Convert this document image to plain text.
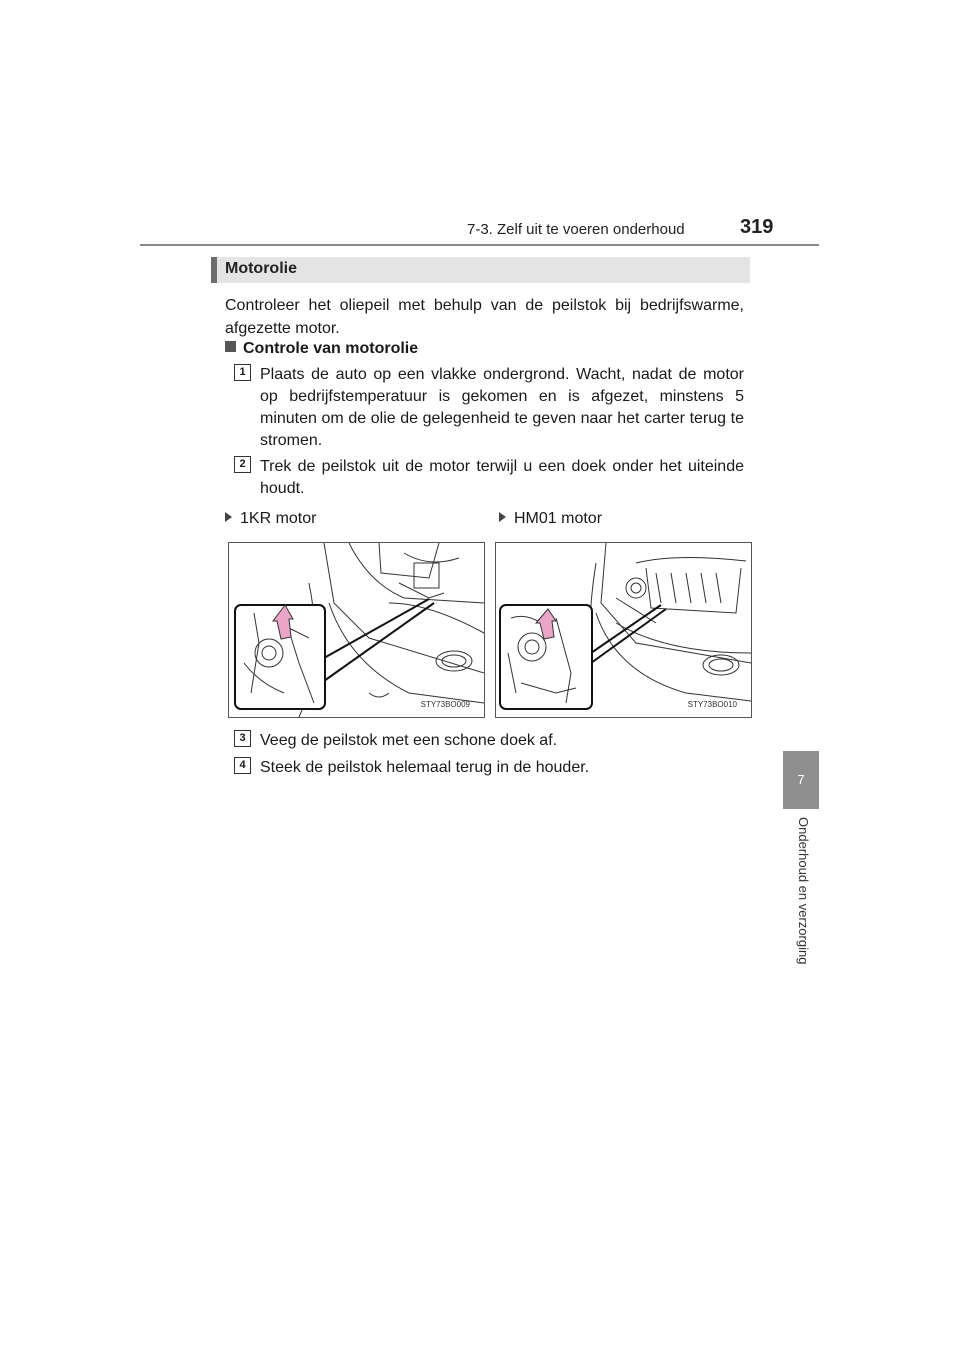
7-3. Zelf uit te voeren onderhoud	319
7
Onderhoud en verzorging
Motorolie
Controleer het oliepeil met behulp van de peilstok bij bedrijfswarme, afgezette motor.
Controle van motorolie
1 Plaats de auto op een vlakke ondergrond. Wacht, nadat de motor op bedrijfstemperatuur is gekomen en is afgezet, minstens 5 minuten om de olie de gelegenheid te geven naar het carter terug te stromen.
2 Trek de peilstok uit de motor terwijl u een doek onder het uiteinde houdt.
1KR motor	HM01 motor
STY73BO009	STY73BO010
3 Veeg de peilstok met een schone doek af.
4 Steek de peilstok helemaal terug in de houder.
